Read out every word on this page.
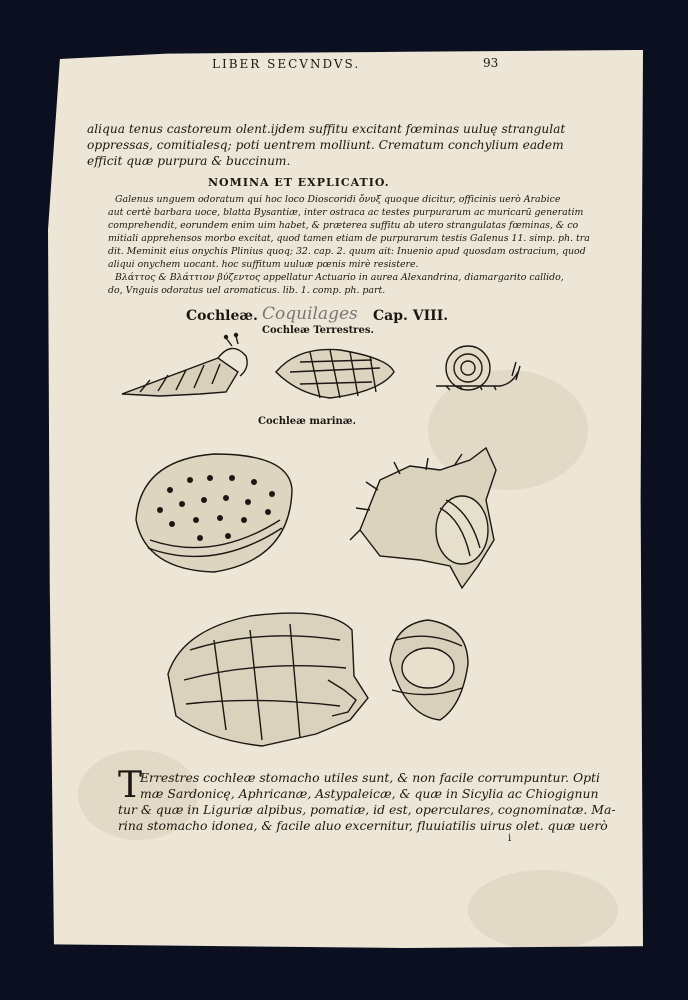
LIBER SECVNDVS.	93
aliqua tenus castoreum olent.ijdem suffitu excitant fœminas uuluę strangulat
oppressas, comitialesq; poti uentrem molliunt. Crematum conchylium eadem
efficit quæ purpura & buccinum.
NOMINA ET EXPLICATIO.
Galenus unguem odoratum qui hoc loco Dioscoridi ὄνυξ quoque dicitur, officinis uerò Arabice
aut certè barbara uoce, blatta Bysantiæ, inter ostraca ac testes purpurarum ac muricarū generatim
comprehendit, eorundem enim uim habet, & præterea suffitu ab utero strangulatas fœminas, & co
mitiali apprehensos morbo excitat, quod tamen etiam de purpurarum testis Galenus 11. simp. ph. tra
dit. Meminit eius onychis Plinius quoq; 32. cap. 2. quum ait: Inuenio apud quosdam ostracium, quod
aliqui onychem uocant. hoc suffitum uuluæ pœnis mirè resistere.
Βλάττος & Βλάττιον βύζεντος appellatur Actuario in aurea Alexandrina, diamargarito callido,
do, Vnguis odoratus uel aromaticus. lib. 1. comp. ph. part.
Cochleæ. Coquilages Cap. VIII.
Cochleæ Terrestres.
Cochleæ marinæ.
T
Errestres cochleæ stomacho utiles sunt, & non facile corrumpuntur. Opti
mæ Sardonicę, Aphricanæ, Astypaleicæ, & quæ in Sicylia ac Chiogignun
tur & quæ in Liguriæ alpibus, pomatiæ, id est, operculares, cognominatæ. Ma-
rina stomacho idonea, & facile aluo excernitur, fluuiatilis uirus olet. quæ uerò
i
